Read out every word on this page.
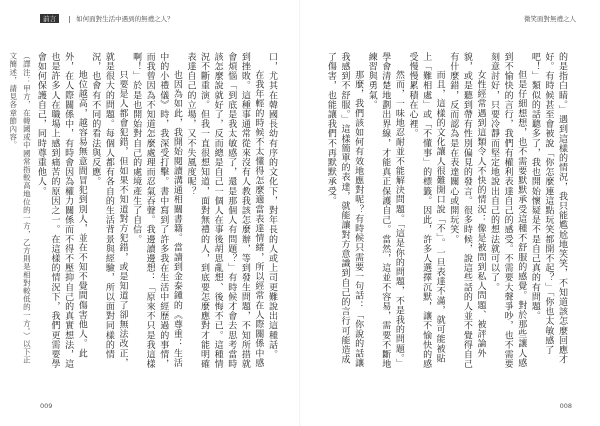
前言	如何面對生活中遇到的無禮之人？

口，尤其在韓國長幼有序的文化下，對年長的人或上司更難說出這種話。

在我年輕的時候不太懂得怎麼適當表達情緒，所以經常在人際關係中感到挫敗。這種事通常從來沒有人教我該怎麼辦，等到發生問題，不知所措就會煩惱「到底是我太敏感了，還是那個人有問題？」有時候才會去思考當時該怎麼說就好了，反而總是自己一個人在事後胡思亂想、後悔不已。這種情況不斷重演。但我一直很想知道，面對無禮的人，到底要怎麼應對才能明確表達自己的立場，又不失風度呢？

也因為如此，我開始閱讀溝通相關書籍。當讀到金泰鍾的《尊重：生活中的小禮儀》時，我深受打擊。書中寫到了許多我在生活中經歷過的事情，而我曾因為不知道怎麼處理而忍氣吞聲。我邊讀邊想：「原來不只是我這樣啊！」於是也開始對自己的處境產生了自信。

只要是人都會犯錯，但如果不知道對方犯錯，或是知道了卻無法改正，就是很大的問題。每個人都有各自的生活背景與經驗，所以面對同樣的情況，也會有不同的看法與反應。

地位越高，越容易無意間冒犯到別人，並在不知不覺間傷害他人。此外，在人際關係中，有時會因為權力關係而不得不壓抑自己的真實想法，這也是許多人在職場上感到痛苦的原因之一。在這樣的情況下，我們更需要學會如何保護自己，同時尊重他人。

（譯注：甲方，在韓國或中國常指較高地位的一方，乙方則是相對較低的一方。）以下正文簡述，請見各章節內容。

009
微笑面對無禮之人

的是指白睛。」遇到這樣的情況，我只能尷尬地笑笑，不知道該怎麼回應才好。有時候甚至會被說「你怎麼連這點玩笑都開不起？」「你也太敏感了吧！」類似的話聽多了，我也開始懷疑是不是自己真的有問題。

但是仔細想想，也不需要默默承受這種不舒服的感覺。對於那些讓人感到不愉快的言行，我們有權利表達自己的感受。不需要大聲爭吵，也不需要刻意討好，只要冷靜而堅定地說出自己的想法就可以了。

女性經常遇到這類令人不快的情況：像是被問到私人問題、被評論外貌，或是聽到帶有性別偏見的發言。很多時候，說這些話的人並不覺得自己有什麼錯，反而認為是在表達關心或開玩笑。

而且，這樣的文化讓人很難開口說「不」。一旦表達不滿，就可能被貼上「難相處」或「不懂事」的標籤。因此，許多人選擇沉默，讓不愉快的感受慢慢累積在心裡。

然而，一味地忍耐並不能解決問題。「這是你的問題，不是我的問題。」學會清楚地劃出界線，才能真正保護自己。當然，這並不容易，需要不斷地練習與勇氣。

那麼，我們該如何有效地應對呢？有時候只需要一句話：「你說的話讓我感到不舒服。」這樣簡單的表達，就能讓對方意識到自己的言行可能造成了傷害，也能讓我們不再默默承受。

008
